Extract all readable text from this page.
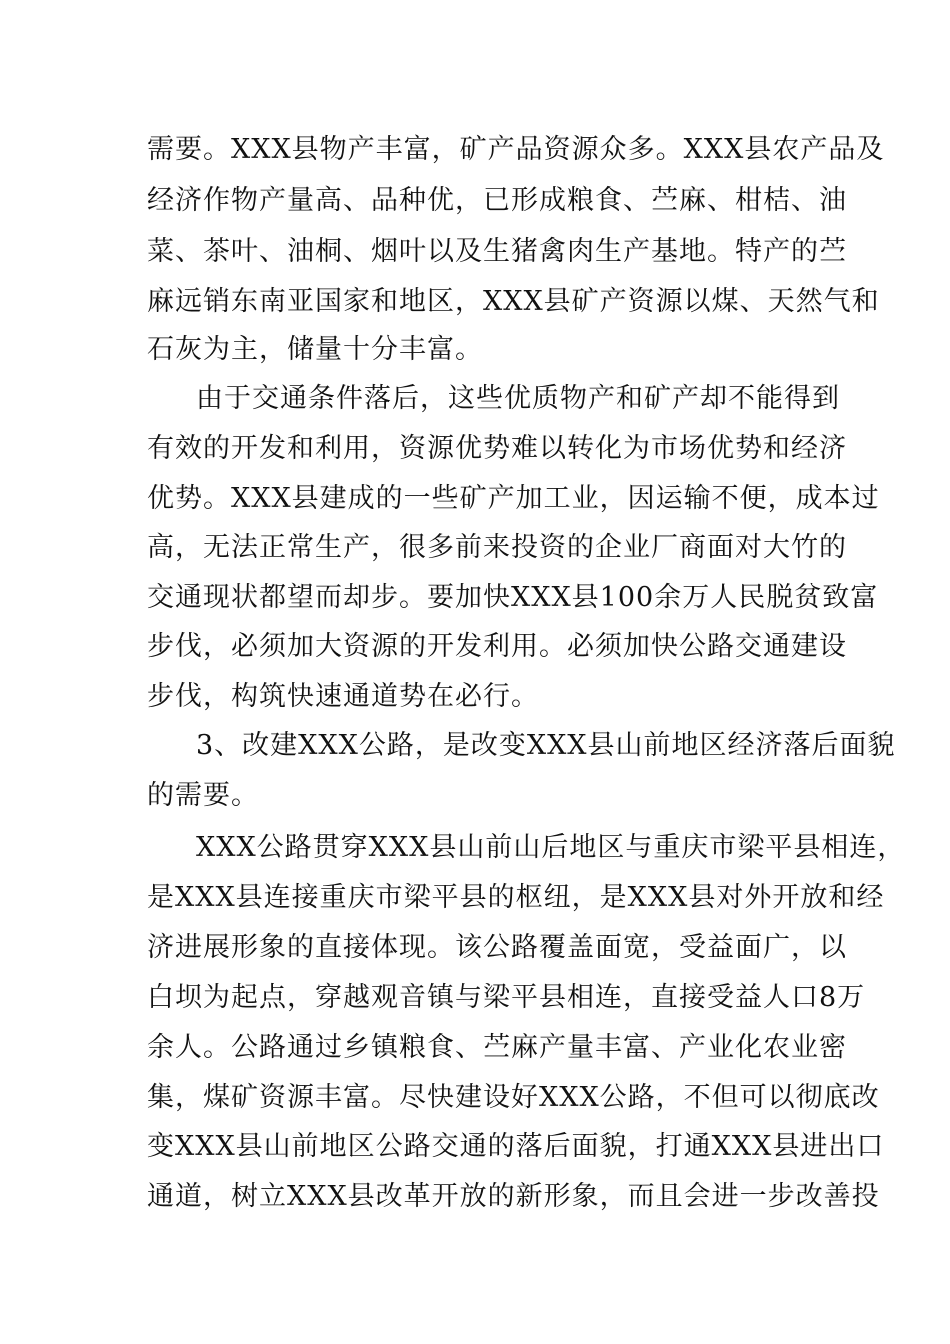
需要。XXX县物产丰富，矿产品资源众多。XXX县农产品及
经济作物产量高、品种优，已形成粮食、苎麻、柑桔、油
菜、茶叶、油桐、烟叶以及生猪禽肉生产基地。特产的苎
麻远销东南亚国家和地区，XXX县矿产资源以煤、天然气和
石灰为主，储量十分丰富。
由于交通条件落后，这些优质物产和矿产却不能得到
有效的开发和利用，资源优势难以转化为市场优势和经济
优势。XXX县建成的一些矿产加工业，因运输不便，成本过
高，无法正常生产，很多前来投资的企业厂商面对大竹的
交通现状都望而却步。要加快XXX县100余万人民脱贫致富
步伐，必须加大资源的开发利用。必须加快公路交通建设
步伐，构筑快速通道势在必行。
3、改建XXX公路，是改变XXX县山前地区经济落后面貌
的需要。
XXX公路贯穿XXX县山前山后地区与重庆市梁平县相连，
是XXX县连接重庆市梁平县的枢纽，是XXX县对外开放和经
济进展形象的直接体现。该公路覆盖面宽，受益面广，以
白坝为起点，穿越观音镇与梁平县相连，直接受益人口8万
余人。公路通过乡镇粮食、苎麻产量丰富、产业化农业密
集，煤矿资源丰富。尽快建设好XXX公路，不但可以彻底改
变XXX县山前地区公路交通的落后面貌，打通XXX县进出口
通道，树立XXX县改革开放的新形象，而且会进一步改善投
